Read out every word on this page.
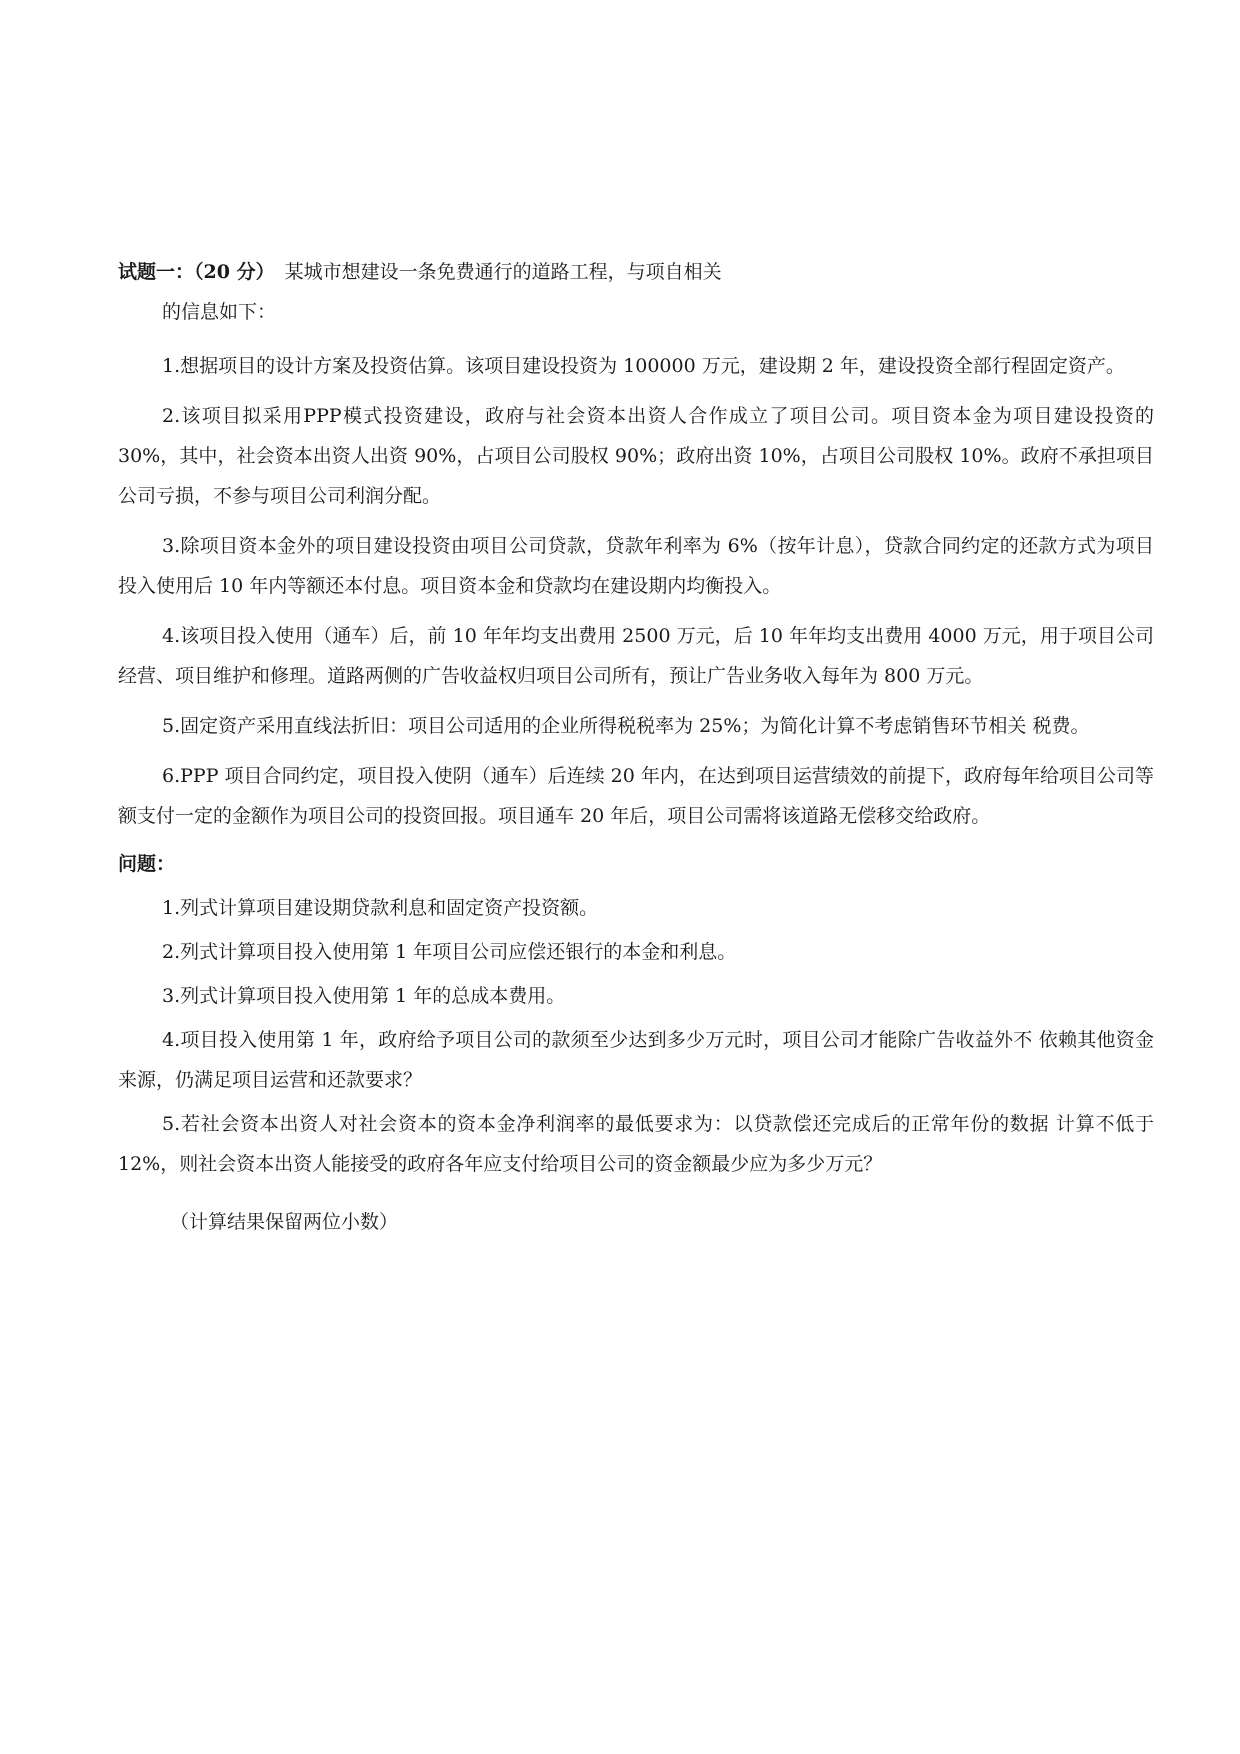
试题一：（20 分） 某城市想建设一条免费通行的道路工程，与项自相关

的信息如下：

1.想据项目的设计方案及投资估算。该项目建设投资为 100000 万元，建设期 2 年，建设投资全部行程固定资产。

2.该项目拟采用PPP模式投资建设，政府与社会资本出资人合作成立了项目公司。项目资本金为项目建设投资的 30%，其中，社会资本出资人出资 90%，占项目公司股权 90%；政府出资 10%，占项目公司股权 10%。政府不承担项目公司亏损，不参与项目公司利润分配。

3.除项目资本金外的项目建设投资由项目公司贷款，贷款年利率为 6%（按年计息），贷款合同约定的还款方式为项目投入使用后 10 年内等额还本付息。项目资本金和贷款均在建设期内均衡投入。

4.该项目投入使用（通车）后，前 10 年年均支出费用 2500 万元，后 10 年年均支出费用 4000 万元，用于项目公司经营、项目维护和修理。道路两侧的广告收益权归项目公司所有，预让广告业务收入每年为 800 万元。

5.固定资产采用直线法折旧：项目公司适用的企业所得税税率为 25%；为简化计算不考虑销售环节相关 税费。

6.PPP 项目合同约定，项目投入使阴（通车）后连续 20 年内，在达到项目运营绩效的前提下，政府每年给项目公司等额支付一定的金额作为项目公司的投资回报。项目通车 20 年后，项目公司需将该道路无偿移交给政府。

问题：

1.列式计算项目建设期贷款利息和固定资产投资额。

2.列式计算项目投入使用第 1 年项目公司应偿还银行的本金和利息。

3.列式计算项目投入使用第 1 年的总成本费用。

4.项目投入使用第 1 年，政府给予项目公司的款须至少达到多少万元时，项目公司才能除广告收益外不 依赖其他资金来源，仍满足项目运营和还款要求？

5.若社会资本出资人对社会资本的资本金净利润率的最低要求为：以贷款偿还完成后的正常年份的数据 计算不低于12%，则社会资本出资人能接受的政府各年应支付给项目公司的资金额最少应为多少万元？

（计算结果保留两位小数）
